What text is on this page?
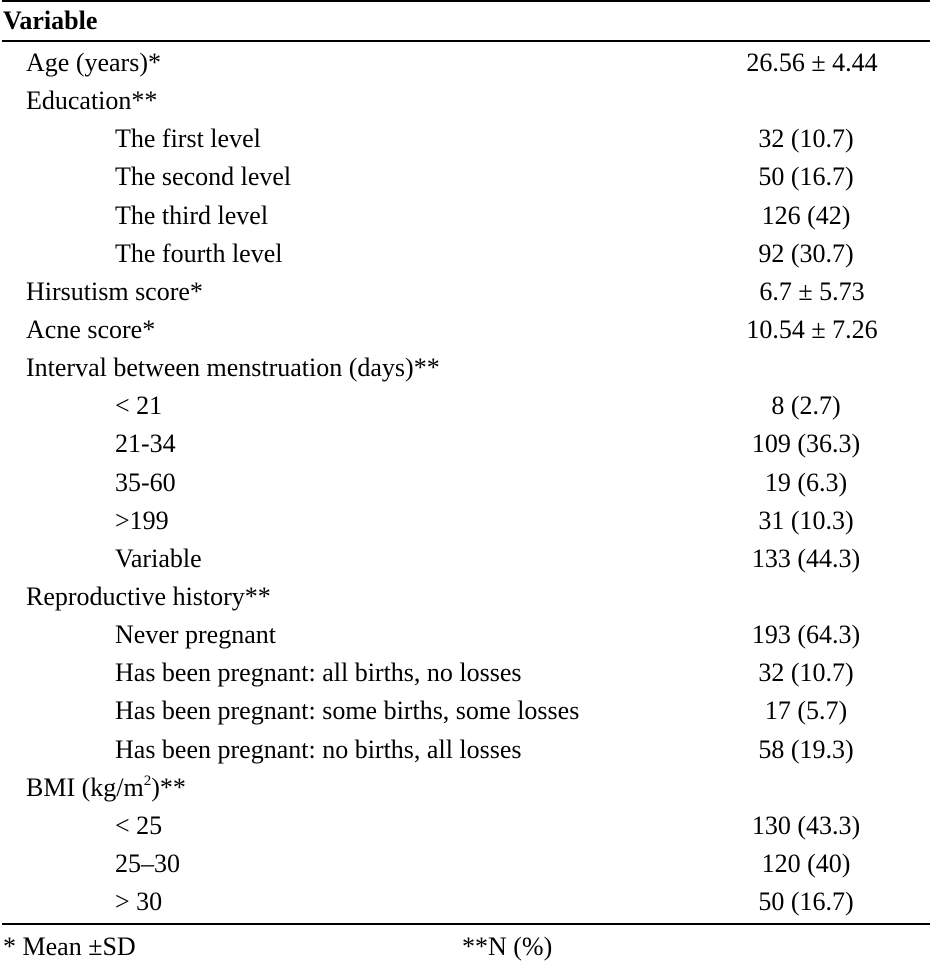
Variable
Age (years)*	26.56 ± 4.44
Education**
The first level	32 (10.7)
The second level	50 (16.7)
The third level	126 (42)
The fourth level	92 (30.7)
Hirsutism score*	6.7 ± 5.73
Acne score*	10.54 ± 7.26
Interval between menstruation (days)**
< 21	8 (2.7)
21-34	109 (36.3)
35-60	19 (6.3)
>199	31 (10.3)
Variable	133 (44.3)
Reproductive history**
Never pregnant	193 (64.3)
Has been pregnant: all births, no losses	32 (10.7)
Has been pregnant: some births, some losses	17 (5.7)
Has been pregnant: no births, all losses	58 (19.3)
BMI $(kg/m^2)**$
< 25	130 (43.3)
25–30	120 (40)
> 30	50 (16.7)
* Mean ±SD	**N (%)
